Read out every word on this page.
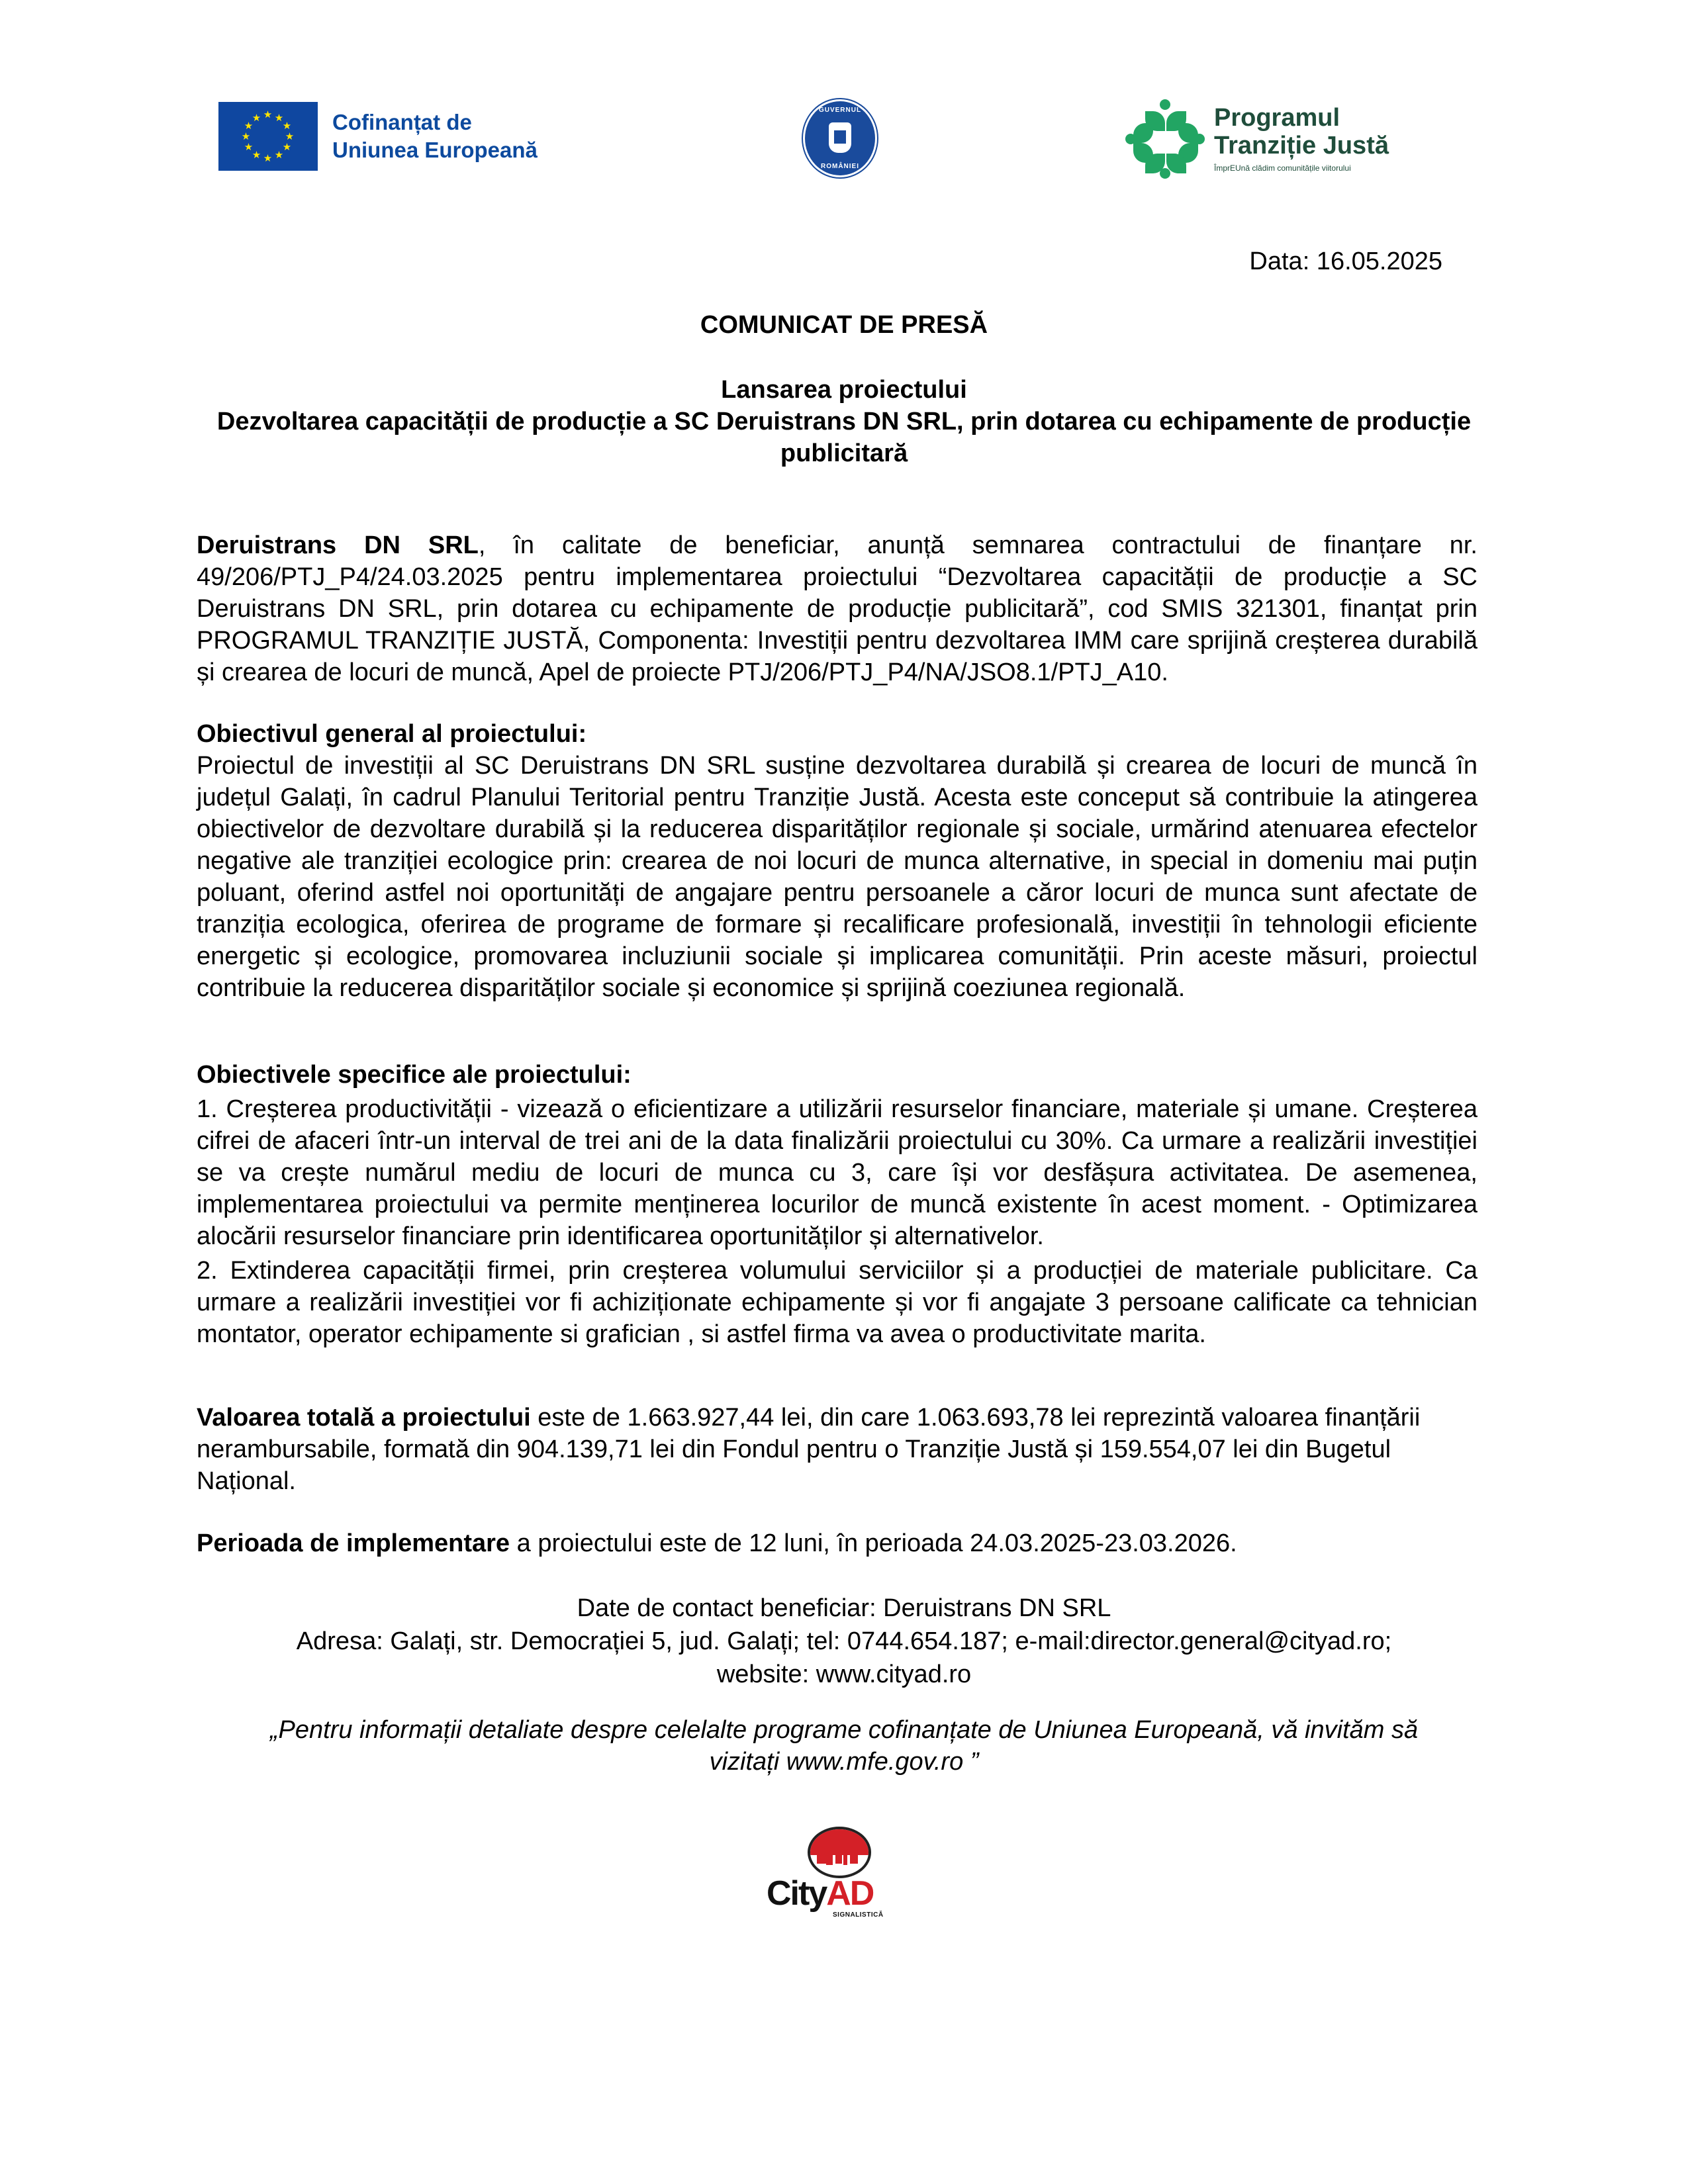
★ ★
★
★
★
★
★
★
★
★
★
★	Cofinanțat de
Uniunea Europeană
GUVERNUL
ROMÂNIEI
Programul
Tranziție Justă
ÎmprEUnă clădim comunitățile viitorului
Data: 16.05.2025
COMUNICAT DE PRESĂ
Lansarea proiectului
Dezvoltarea capacității de producție a SC Deruistrans DN SRL, prin dotarea cu echipamente de producție publicitară

Deruistrans DN SRL, în calitate de beneficiar, anunță semnarea contractului de finanțare nr. 49/206/PTJ_P4/24.03.2025 pentru implementarea proiectului “Dezvoltarea capacității de producție a SC Deruistrans DN SRL, prin dotarea cu echipamente de producție publicitară”, cod SMIS 321301, finanțat prin PROGRAMUL TRANZIȚIE JUSTĂ, Componenta: Investiții pentru dezvoltarea IMM care sprijină creșterea durabilă și crearea de locuri de muncă, Apel de proiecte PTJ/206/PTJ_P4/NA/JSO8.1/PTJ_A10.

Obiectivul general al proiectului:

Proiectul de investiții al SC Deruistrans DN SRL susține dezvoltarea durabilă și crearea de locuri de muncă în județul Galați, în cadrul Planului Teritorial pentru Tranziție Justă. Acesta este conceput să contribuie la atingerea obiectivelor de dezvoltare durabilă și la reducerea disparităților regionale și sociale, urmărind atenuarea efectelor negative ale tranziției ecologice prin: crearea de noi locuri de munca alternative, in special in domeniu mai puțin poluant, oferind astfel noi oportunități de angajare pentru persoanele a căror locuri de munca sunt afectate de tranziția ecologica, oferirea de programe de formare și recalificare profesională, investiții în tehnologii eficiente energetic și ecologice, promovarea incluziunii sociale și implicarea comunității. Prin aceste măsuri, proiectul contribuie la reducerea disparităților sociale și economice și sprijină coeziunea regională.

Obiectivele specifice ale proiectului:

1. Creșterea productivității - vizează o eficientizare a utilizării resurselor financiare, materiale și umane. Creșterea cifrei de afaceri într-un interval de trei ani de la data finalizării proiectului cu 30%. Ca urmare a realizării investiției se va crește numărul mediu de locuri de munca cu 3, care își vor desfășura activitatea. De asemenea, implementarea proiectului va permite menținerea locurilor de muncă existente în acest moment. - Optimizarea alocării resurselor financiare prin identificarea oportunităților și alternativelor.

2. Extinderea capacității firmei, prin creșterea volumului serviciilor și a producției de materiale publicitare. Ca urmare a realizării investiției vor fi achiziționate echipamente și vor fi angajate 3 persoane calificate ca tehnician montator, operator echipamente si grafician , si astfel firma va avea o productivitate marita.

Valoarea totală a proiectului este de 1.663.927,44 lei, din care 1.063.693,78 lei reprezintă valoarea finanțării nerambursabile, formată din 904.139,71 lei din Fondul pentru o Tranziție Justă și 159.554,07 lei din Bugetul Național.

Perioada de implementare a proiectului este de 12 luni, în perioada 24.03.2025-23.03.2026.

Date de contact beneficiar: Deruistrans DN SRL
Adresa: Galați, str. Democrației 5, jud. Galați; tel: 0744.654.187; e-mail:director.general@cityad.ro;
website: www.cityad.ro
„Pentru informații detaliate despre celelalte programe cofinanțate de Uniunea Europeană, vă invităm să
vizitați www.mfe.gov.ro ”
CityAD
SIGNALISTICĂ
